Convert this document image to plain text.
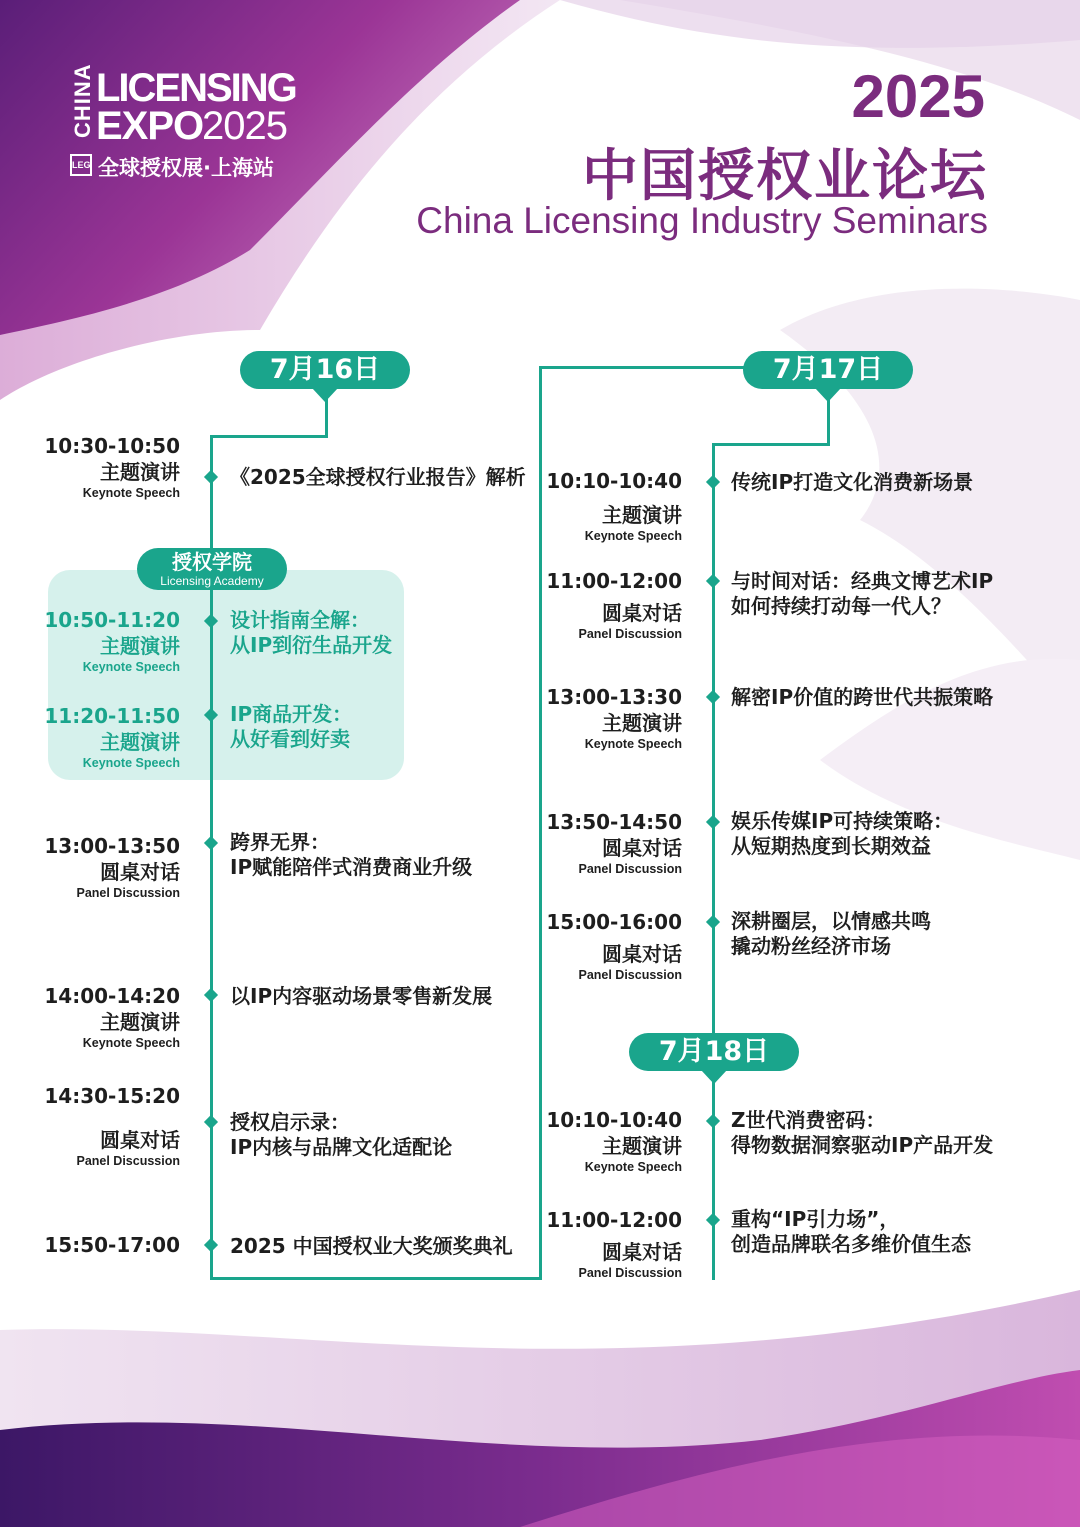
CHINA LICENSING
EXPO
2025
LEG 全球授权展·上海站
2025
中国授权业论坛
China Licensing Industry Seminars
7月16日	7月17日
7月18日
授权学院
Licensing Academy
10:30-10:50
主题演讲
Keynote Speech
《2025全球授权行业报告》解析
10:50-11:20
主题演讲
Keynote Speech
设计指南全解：
从IP到衍生品开发
11:20-11:50
主题演讲
Keynote Speech
IP商品开发：
从好看到好卖
13:00-13:50
圆桌对话
Panel Discussion
跨界无界：
IP赋能陪伴式消费商业升级
14:00-14:20
主题演讲
Keynote Speech
以IP内容驱动场景零售新发展
14:30-15:20
圆桌对话
Panel Discussion
授权启示录：
IP内核与品牌文化适配论
15:50-17:00	2025 中国授权业大奖颁奖典礼
10:10-10:40
主题演讲
Keynote Speech
传统IP打造文化消费新场景
11:00-12:00
圆桌对话
Panel Discussion
与时间对话：经典文博艺术IP
如何持续打动每一代人？
13:00-13:30
主题演讲
Keynote Speech
解密IP价值的跨世代共振策略
13:50-14:50
圆桌对话
Panel Discussion
娱乐传媒IP可持续策略：
从短期热度到长期效益
15:00-16:00
圆桌对话
Panel Discussion
深耕圈层，以情感共鸣
撬动粉丝经济市场
10:10-10:40
主题演讲
Keynote Speech
Z世代消费密码：
得物数据洞察驱动IP产品开发
11:00-12:00
圆桌对话
Panel Discussion
重构“IP引力场”，
创造品牌联名多维价值生态
